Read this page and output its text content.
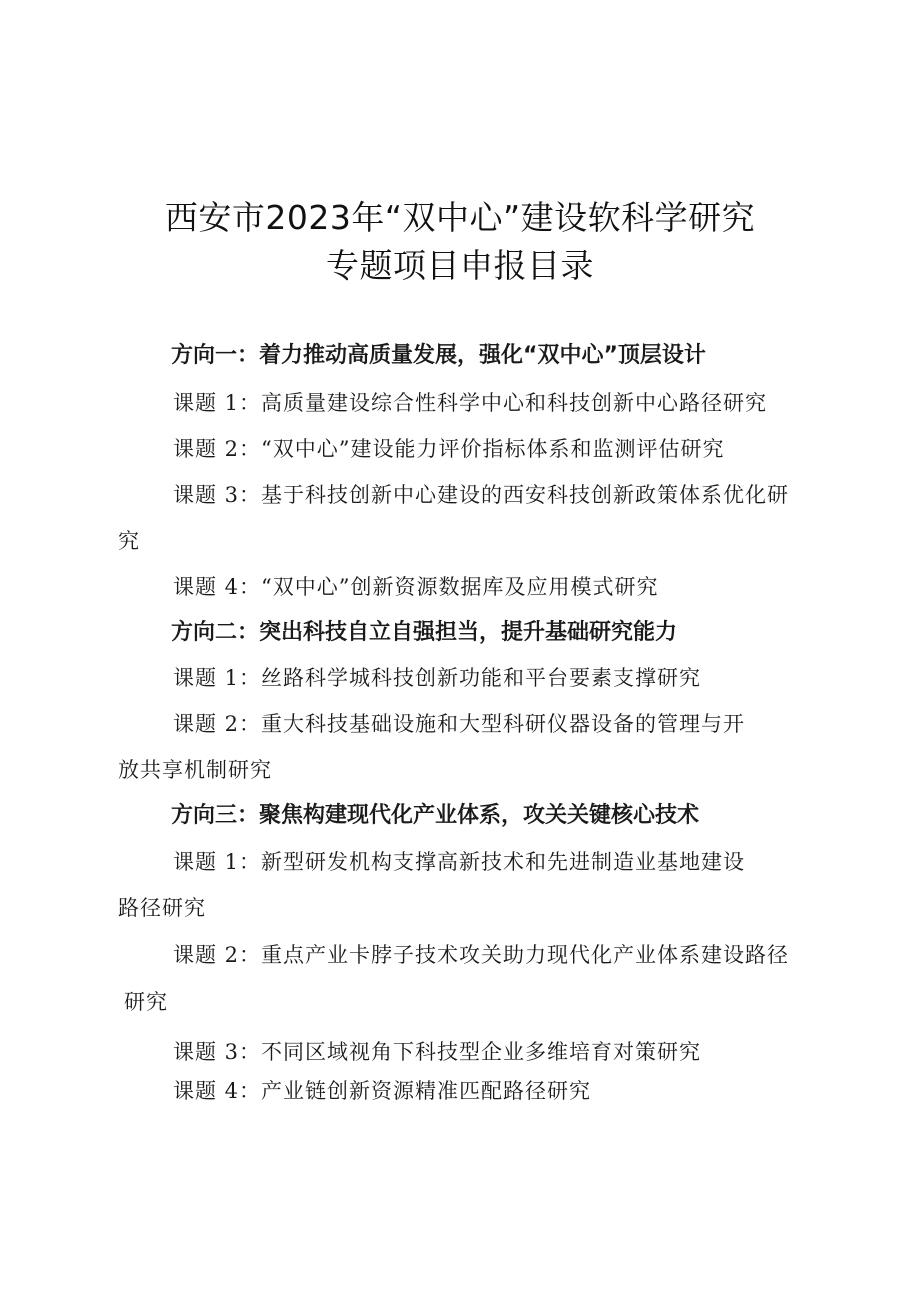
西安市2023年“双中心”建设软科学研究
专题项目申报目录
方向一：着力推动高质量发展，强化“双中心”顶层设计
课题 1：高质量建设综合性科学中心和科技创新中心路径研究
课题 2：“双中心”建设能力评价指标体系和监测评估研究
课题 3：基于科技创新中心建设的西安科技创新政策体系优化研
究
课题 4：“双中心”创新资源数据库及应用模式研究
方向二：突出科技自立自强担当，提升基础研究能力
课题 1：丝路科学城科技创新功能和平台要素支撑研究
课题 2：重大科技基础设施和大型科研仪器设备的管理与开
放共享机制研究
方向三：聚焦构建现代化产业体系，攻关关键核心技术
课题 1：新型研发机构支撑高新技术和先进制造业基地建设
路径研究
课题 2：重点产业卡脖子技术攻关助力现代化产业体系建设路径
研究
课题 3：不同区域视角下科技型企业多维培育对策研究
课题 4：产业链创新资源精准匹配路径研究
